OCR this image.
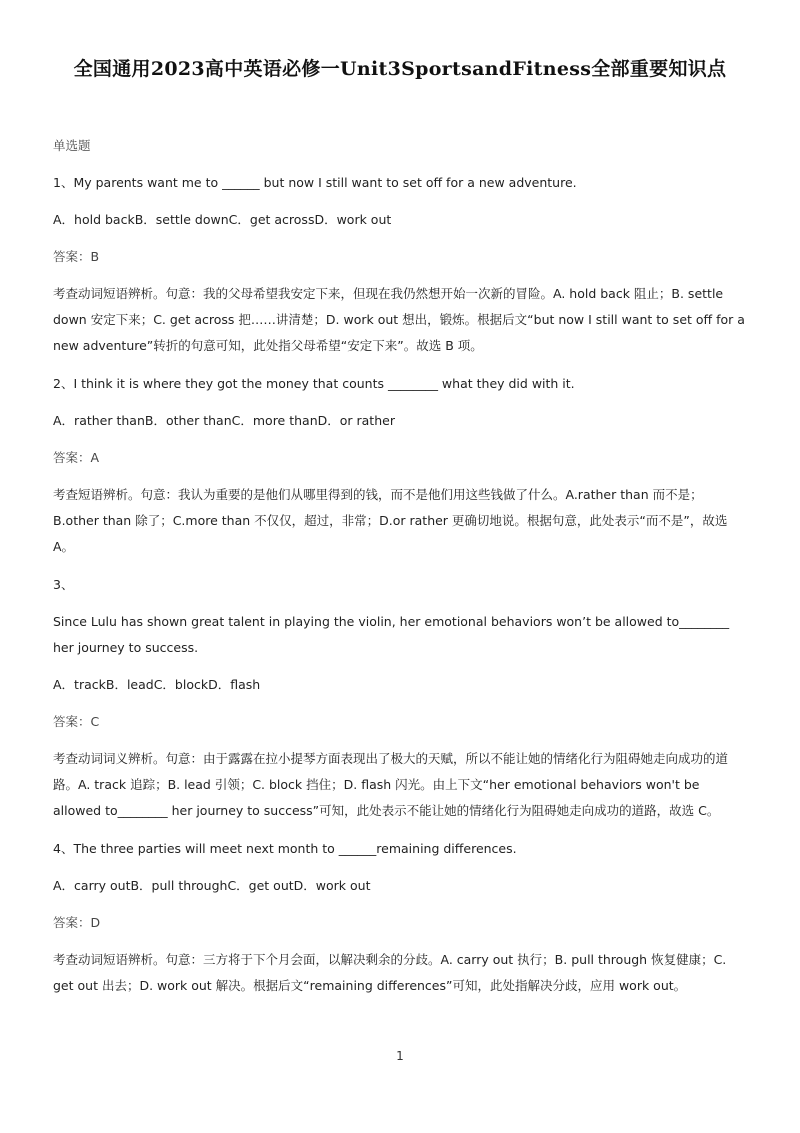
全国通用2023高中英语必修一Unit3SportsandFitness全部重要知识点
单选题
1、My parents want me to ______ but now I still want to set off for a new adventure.
A．hold backB．settle downC．get acrossD．work out
答案：B
考查动词短语辨析。句意：我的父母希望我安定下来，但现在我仍然想开始一次新的冒险。A. hold back 阻止；B. settle down 安定下来；C. get across 把……讲清楚；D. work out 想出，锻炼。根据后文“but now I still want to set off for a new adventure”转折的句意可知，此处指父母希望“安定下来”。故选 B 项。
2、I think it is where they got the money that counts ________ what they did with it.
A．rather thanB．other thanC．more thanD．or rather
答案：A
考查短语辨析。句意：我认为重要的是他们从哪里得到的钱，而不是他们用这些钱做了什么。A.rather than 而不是；B.other than 除了；C.more than 不仅仅，超过，非常；D.or rather 更确切地说。根据句意，此处表示“而不是”，故选 A。
3、
Since Lulu has shown great talent in playing the violin, her emotional behaviors won’t be allowed to________ her journey to success.
A．trackB．leadC．blockD．flash
答案：C
考查动词词义辨析。句意：由于露露在拉小提琴方面表现出了极大的天赋，所以不能让她的情绪化行为阻碍她走向成功的道路。A. track 追踪；B. lead 引领；C. block 挡住；D. flash 闪光。由上下文“her emotional behaviors won't be allowed to________ her journey to success”可知，此处表示不能让她的情绪化行为阻碍她走向成功的道路，故选 C。
4、The three parties will meet next month to ______remaining differences.
A．carry outB．pull throughC．get outD．work out
答案：D
考查动词短语辨析。句意：三方将于下个月会面，以解决剩余的分歧。A. carry out 执行；B. pull through 恢复健康；C. get out 出去；D. work out 解决。根据后文“remaining differences”可知，此处指解决分歧，应用 work out。
1
